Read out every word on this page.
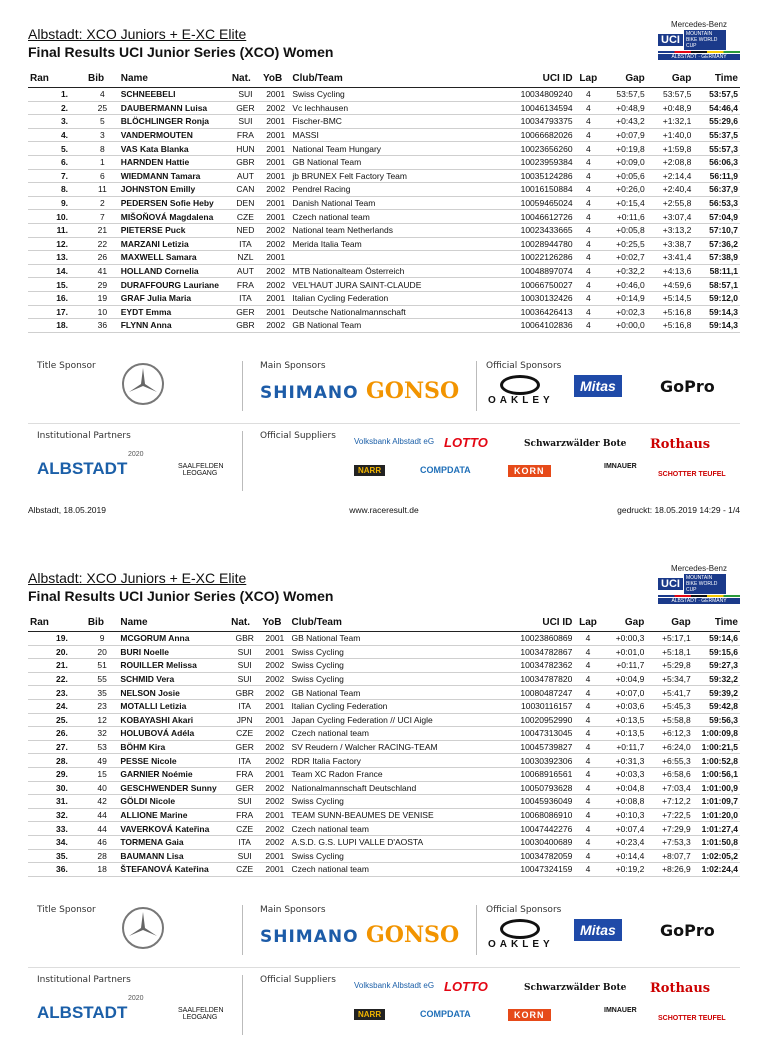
Albstadt: XCO Juniors + E-XC Elite
Final Results UCI Junior Series (XCO) Women
Mercedes-Benz
UCI	MOUNTAIN BIKE WORLD CUP
ALBSTADT · GERMANY
Ran	Bib	Name	Nat.	YoB	Club/Team	UCI ID	Lap	Gap	Gap	Time
1.	4	SCHNEEBELI	SUI	2001	Swiss Cycling	10034809240	4	53:57,5	53:57,5	53:57,5
2.	25	DAUBERMANN Luisa	GER	2002	Vc lechhausen	10046134594	4	+0:48,9	+0:48,9	54:46,4
3.	5	BLÖCHLINGER Ronja	SUI	2001	Fischer-BMC	10034793375	4	+0:43,2	+1:32,1	55:29,6
4.	3	VANDERMOUTEN	FRA	2001	MASSI	10066682026	4	+0:07,9	+1:40,0	55:37,5
5.	8	VAS Kata Blanka	HUN	2001	National Team Hungary	10023656260	4	+0:19,8	+1:59,8	55:57,3
6.	1	HARNDEN Hattie	GBR	2001	GB National Team	10023959384	4	+0:09,0	+2:08,8	56:06,3
7.	6	WIEDMANN Tamara	AUT	2001	jb BRUNEX Felt Factory Team	10035124286	4	+0:05,6	+2:14,4	56:11,9
8.	11	JOHNSTON Emilly	CAN	2002	Pendrel Racing	10016150884	4	+0:26,0	+2:40,4	56:37,9
9.	2	PEDERSEN Sofie Heby	DEN	2001	Danish National Team	10059465024	4	+0:15,4	+2:55,8	56:53,3
10.	7	MIŠOŇOVÁ Magdalena	CZE	2001	Czech national team	10046612726	4	+0:11,6	+3:07,4	57:04,9
11.	21	PIETERSE Puck	NED	2002	National team Netherlands	10023433665	4	+0:05,8	+3:13,2	57:10,7
12.	22	MARZANI Letizia	ITA	2002	Merida Italia Team	10028944780	4	+0:25,5	+3:38,7	57:36,2
13.	26	MAXWELL Samara	NZL	2001		10022126286	4	+0:02,7	+3:41,4	57:38,9
14.	41	HOLLAND Cornelia	AUT	2002	MTB Nationalteam Österreich	10048897074	4	+0:32,2	+4:13,6	58:11,1
15.	29	DURAFFOURG Lauriane	FRA	2002	VEL'HAUT JURA SAINT-CLAUDE	10066750027	4	+0:46,0	+4:59,6	58:57,1
16.	19	GRAF Julia Maria	ITA	2001	Italian Cycling Federation	10030132426	4	+0:14,9	+5:14,5	59:12,0
17.	10	EYDT Emma	GER	2001	Deutsche Nationalmannschaft	10036426413	4	+0:02,3	+5:16,8	59:14,3
18.	36	FLYNN Anna	GBR	2002	GB National Team	10064102836	4	+0:00,0	+5:16,8	59:14,3
Title Sponsor	Main Sponsors
SHIMANO GONSO
Official Sponsors
OAKLEY
Mitas	GoPro
Institutional Partners
ALBSTADT
2020
SAALFELDEN LEOGANG
Official Suppliers
Volksbank Albstadt eG LOTTO	Schwarzwälder Bote Rothaus
NARR	COMPDATA	KORN	IMNAUER
SCHOTTER TEUFEL
Albstadt, 18.05.2019	www.raceresult.de	gedruckt: 18.05.2019 14:29 - 1/4
Albstadt: XCO Juniors + E-XC Elite
Final Results UCI Junior Series (XCO) Women
Mercedes-Benz
UCI	MOUNTAIN BIKE WORLD CUP
ALBSTADT · GERMANY
Ran	Bib	Name	Nat.	YoB	Club/Team	UCI ID	Lap	Gap	Gap	Time
19.	9	MCGORUM Anna	GBR	2001	GB National Team	10023860869	4	+0:00,3	+5:17,1	59:14,6
20.	20	BURI Noelle	SUI	2001	Swiss Cycling	10034782867	4	+0:01,0	+5:18,1	59:15,6
21.	51	ROUILLER Melissa	SUI	2002	Swiss Cycling	10034782362	4	+0:11,7	+5:29,8	59:27,3
22.	55	SCHMID Vera	SUI	2002	Swiss Cycling	10034787820	4	+0:04,9	+5:34,7	59:32,2
23.	35	NELSON Josie	GBR	2002	GB National Team	10080487247	4	+0:07,0	+5:41,7	59:39,2
24.	23	MOTALLI Letizia	ITA	2001	Italian Cycling Federation	10030116157	4	+0:03,6	+5:45,3	59:42,8
25.	12	KOBAYASHI Akari	JPN	2001	Japan Cycling Federation // UCI Aigle	10020952990	4	+0:13,5	+5:58,8	59:56,3
26.	32	HOLUBOVÁ Adéla	CZE	2002	Czech national team	10047313045	4	+0:13,5	+6:12,3	1:00:09,8
27.	53	BÖHM Kira	GER	2002	SV Reudern / Walcher RACING-TEAM	10045739827	4	+0:11,7	+6:24,0	1:00:21,5
28.	49	PESSE Nicole	ITA	2002	RDR Italia Factory	10030392306	4	+0:31,3	+6:55,3	1:00:52,8
29.	15	GARNIER Noémie	FRA	2001	Team XC Radon France	10068916561	4	+0:03,3	+6:58,6	1:00:56,1
30.	40	GESCHWENDER Sunny	GER	2002	Nationalmannschaft Deutschland	10050793628	4	+0:04,8	+7:03,4	1:01:00,9
31.	42	GÖLDI Nicole	SUI	2002	Swiss Cycling	10045936049	4	+0:08,8	+7:12,2	1:01:09,7
32.	44	ALLIONE Marine	FRA	2001	TEAM SUNN-BEAUMES DE VENISE	10068086910	4	+0:10,3	+7:22,5	1:01:20,0
33.	44	VAVERKOVÁ Kateřina	CZE	2002	Czech national team	10047442276	4	+0:07,4	+7:29,9	1:01:27,4
34.	46	TORMENA Gaia	ITA	2002	A.S.D. G.S. LUPI VALLE D'AOSTA	10030400689	4	+0:23,4	+7:53,3	1:01:50,8
35.	28	BAUMANN Lisa	SUI	2001	Swiss Cycling	10034782059	4	+0:14,4	+8:07,7	1:02:05,2
36.	18	ŠTEFANOVÁ Kateřina	CZE	2001	Czech national team	10047324159	4	+0:19,2	+8:26,9	1:02:24,4
Title Sponsor	Main Sponsors
SHIMANO GONSO
Official Sponsors
OAKLEY
Mitas	GoPro
Institutional Partners
ALBSTADT
2020
SAALFELDEN LEOGANG
Official Suppliers
Volksbank Albstadt eG LOTTO	Schwarzwälder Bote Rothaus
NARR	COMPDATA	KORN	IMNAUER
SCHOTTER TEUFEL
